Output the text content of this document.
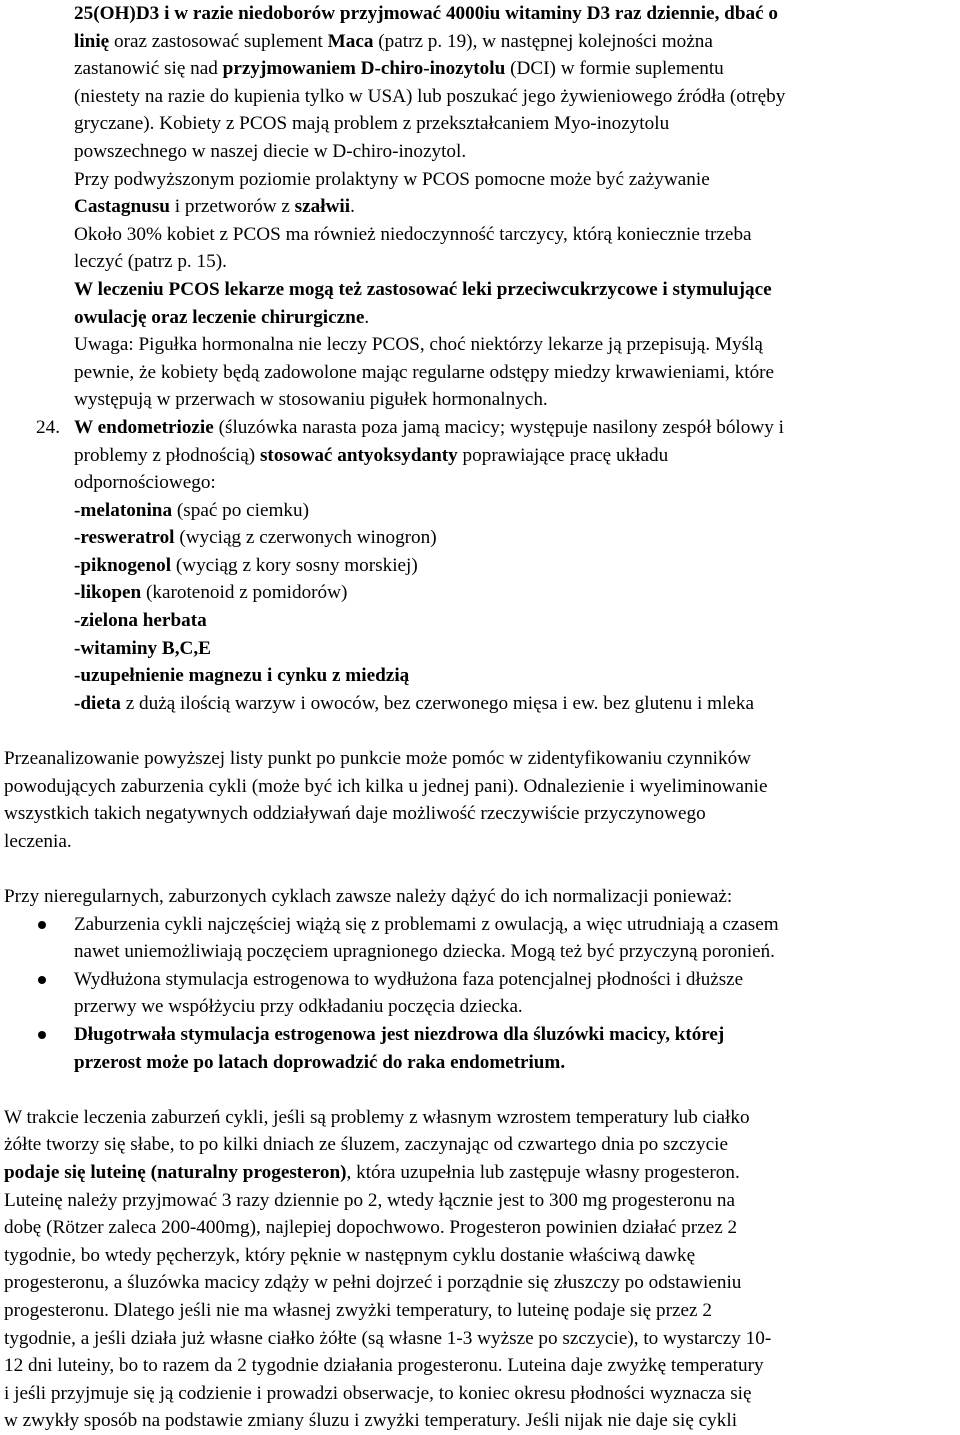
25(OH)D3 i w razie niedoborów przyjmować 4000iu witaminy D3 raz dziennie, dbać o
linię oraz zastosować suplement Maca (patrz p. 19), w następnej kolejności można
zastanowić się nad przyjmowaniem D-chiro-inozytolu (DCI) w formie suplementu
(niestety na razie do kupienia tylko w USA) lub poszukać jego żywieniowego źródła (otręby
gryczane). Kobiety z PCOS mają problem z przekształcaniem Myo-inozytolu
powszechnego w naszej diecie w D-chiro-inozytol.
Przy podwyższonym poziomie prolaktyny w PCOS pomocne może być zażywanie
Castagnusu i przetworów z szałwii.
Około 30% kobiet z PCOS ma również niedoczynność tarczycy, którą koniecznie trzeba
leczyć (patrz p. 15).
W leczeniu PCOS lekarze mogą też zastosować leki przeciwcukrzycowe i stymulujące
owulację oraz leczenie chirurgiczne.
Uwaga: Pigułka hormonalna nie leczy PCOS, choć niektórzy lekarze ją przepisują. Myślą
pewnie, że kobiety będą zadowolone mając regularne odstępy miedzy krwawieniami, które
występują w przerwach w stosowaniu pigułek hormonalnych.
24. W endometriozie (śluzówka narasta poza jamą macicy; występuje nasilony zespół bólowy i
problemy z płodnością) stosować antyoksydanty poprawiające pracę układu
odpornościowego:
-melatonina (spać po ciemku)
-resweratrol (wyciąg z czerwonych winogron)
-piknogenol (wyciąg z kory sosny morskiej)
-likopen (karotenoid z pomidorów)
-zielona herbata
-witaminy B,C,E
-uzupełnienie magnezu i cynku z miedzią
-dieta z dużą ilością warzyw i owoców, bez czerwonego mięsa i ew. bez glutenu i mleka
Przeanalizowanie powyższej listy punkt po punkcie może pomóc w zidentyfikowaniu czynników
powodujących zaburzenia cykli (może być ich kilka u jednej pani). Odnalezienie i wyeliminowanie
wszystkich takich negatywnych oddziaływań daje możliwość rzeczywiście przyczynowego
leczenia.
Przy nieregularnych, zaburzonych cyklach zawsze należy dążyć do ich normalizacji ponieważ:
Zaburzenia cykli najczęściej wiążą się z problemami z owulacją, a więc utrudniają a czasem
nawet uniemożliwiają poczęciem upragnionego dziecka. Mogą też być przyczyną poronień.
Wydłużona stymulacja estrogenowa to wydłużona faza potencjalnej płodności i dłuższe
przerwy we współżyciu przy odkładaniu poczęcia dziecka.
Długotrwała stymulacja estrogenowa jest niezdrowa dla śluzówki macicy, której
przerost może po latach doprowadzić do raka endometrium.
W trakcie leczenia zaburzeń cykli, jeśli są problemy z własnym wzrostem temperatury lub ciałko
żółte tworzy się słabe, to po kilki dniach ze śluzem, zaczynając od czwartego dnia po szczycie
podaje się luteinę (naturalny progesteron), która uzupełnia lub zastępuje własny progesteron.
Luteinę należy przyjmować 3 razy dziennie po 2, wtedy łącznie jest to 300 mg progesteronu na
dobę (Rötzer zaleca 200-400mg), najlepiej dopochwowo. Progesteron powinien działać przez 2
tygodnie, bo wtedy pęcherzyk, który pęknie w następnym cyklu dostanie właściwą dawkę
progesteronu, a śluzówka macicy zdąży w pełni dojrzeć i porządnie się złuszczy po odstawieniu
progesteronu. Dlatego jeśli nie ma własnej zwyżki temperatury, to luteinę podaje się przez 2
tygodnie, a jeśli działa już własne ciałko żółte (są własne 1-3 wyższe po szczycie), to wystarczy 10-
12 dni luteiny, bo to razem da 2 tygodnie działania progesteronu. Luteina daje zwyżkę temperatury
i jeśli przyjmuje się ją codzienie i prowadzi obserwacje, to koniec okresu płodności wyznacza się
w zwykły sposób na podstawie zmiany śluzu i zwyżki temperatury. Jeśli nijak nie daje się cykli
